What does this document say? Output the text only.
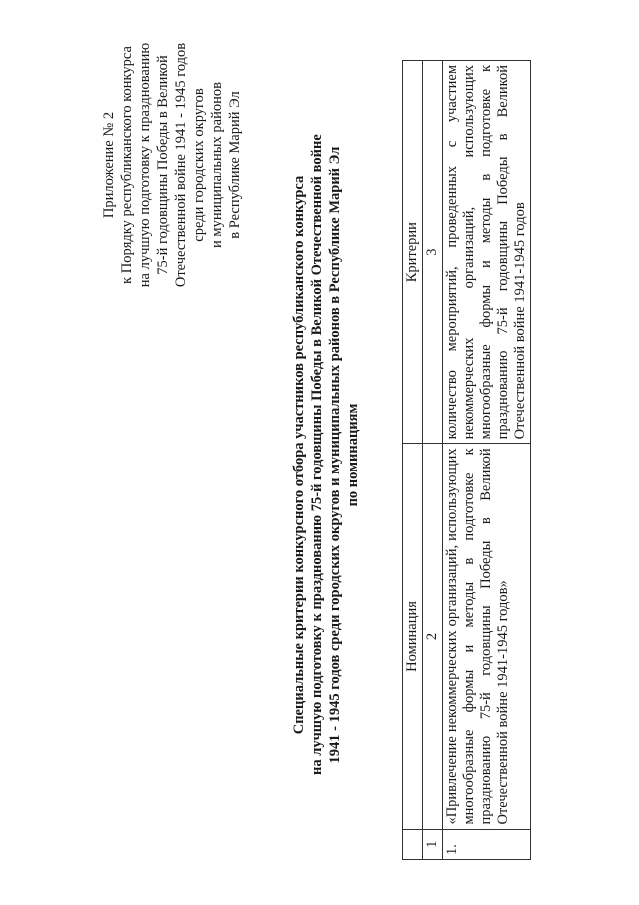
Приложение № 2 к Порядку республиканского конкурса на лучшую подготовку к празднованию 75-й годовщины Победы в Великой Отечественной войне 1941 - 1945 годов среди городских округов и муниципальных районов в Республике Марий Эл
Специальные критерии конкурсного отбора участников республиканского конкурса на лучшую подготовку к празднованию 75-й годовщины Победы в Великой Отечественной войне 1941 - 1945 годов среди городских округов и муниципальных районов в Республике Марий Эл по номинациям
	Номинация	Критерии
1	2	3
1.	«Привлечение некоммерческих организаций, использующих многообразные формы и методы в подготовке к празднованию 75-й годовщины Победы в Великой Отечественной войне 1941-1945 годов»	количество мероприятий, проведенных с участием некоммерческих организаций, использующих многообразные формы и методы в подготовке к празднованию 75-й годовщины Победы в Великой Отечественной войне 1941-1945 годов
